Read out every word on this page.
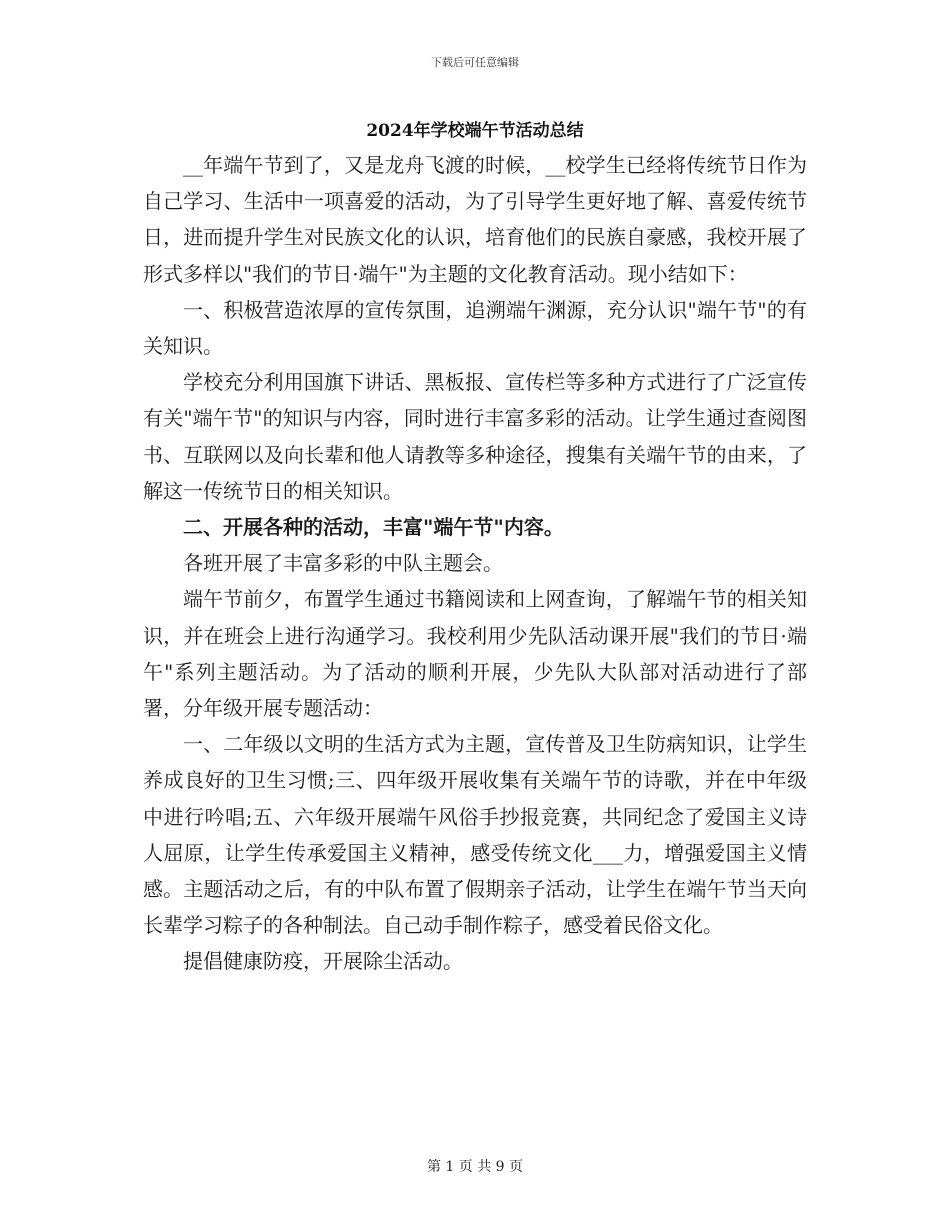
下载后可任意编辑
2024年学校端午节活动总结

__年端午节到了，又是龙舟飞渡的时候，__校学生已经将传统节日作为自己学习、生活中一项喜爱的活动，为了引导学生更好地了解、喜爱传统节日，进而提升学生对民族文化的认识，培育他们的民族自豪感，我校开展了形式多样以"我们的节日·端午"为主题的文化教育活动。现小结如下：

一、积极营造浓厚的宣传氛围，追溯端午渊源，充分认识"端午节"的有关知识。

学校充分利用国旗下讲话、黑板报、宣传栏等多种方式进行了广泛宣传有关"端午节"的知识与内容，同时进行丰富多彩的活动。让学生通过查阅图书、互联网以及向长辈和他人请教等多种途径，搜集有关端午节的由来，了解这一传统节日的相关知识。

二、开展各种的活动，丰富"端午节"内容。

各班开展了丰富多彩的中队主题会。

端午节前夕，布置学生通过书籍阅读和上网查询，了解端午节的相关知识，并在班会上进行沟通学习。我校利用少先队活动课开展"我们的节日·端午"系列主题活动。为了活动的顺利开展，少先队大队部对活动进行了部署，分年级开展专题活动：

一、二年级以文明的生活方式为主题，宣传普及卫生防病知识，让学生养成良好的卫生习惯;三、四年级开展收集有关端午节的诗歌，并在中年级中进行吟唱;五、六年级开展端午风俗手抄报竞赛，共同纪念了爱国主义诗人屈原，让学生传承爱国主义精神，感受传统文化___力，增强爱国主义情感。主题活动之后，有的中队布置了假期亲子活动，让学生在端午节当天向长辈学习粽子的各种制法。自己动手制作粽子，感受着民俗文化。

提倡健康防疫，开展除尘活动。

第 1 页 共 9 页
